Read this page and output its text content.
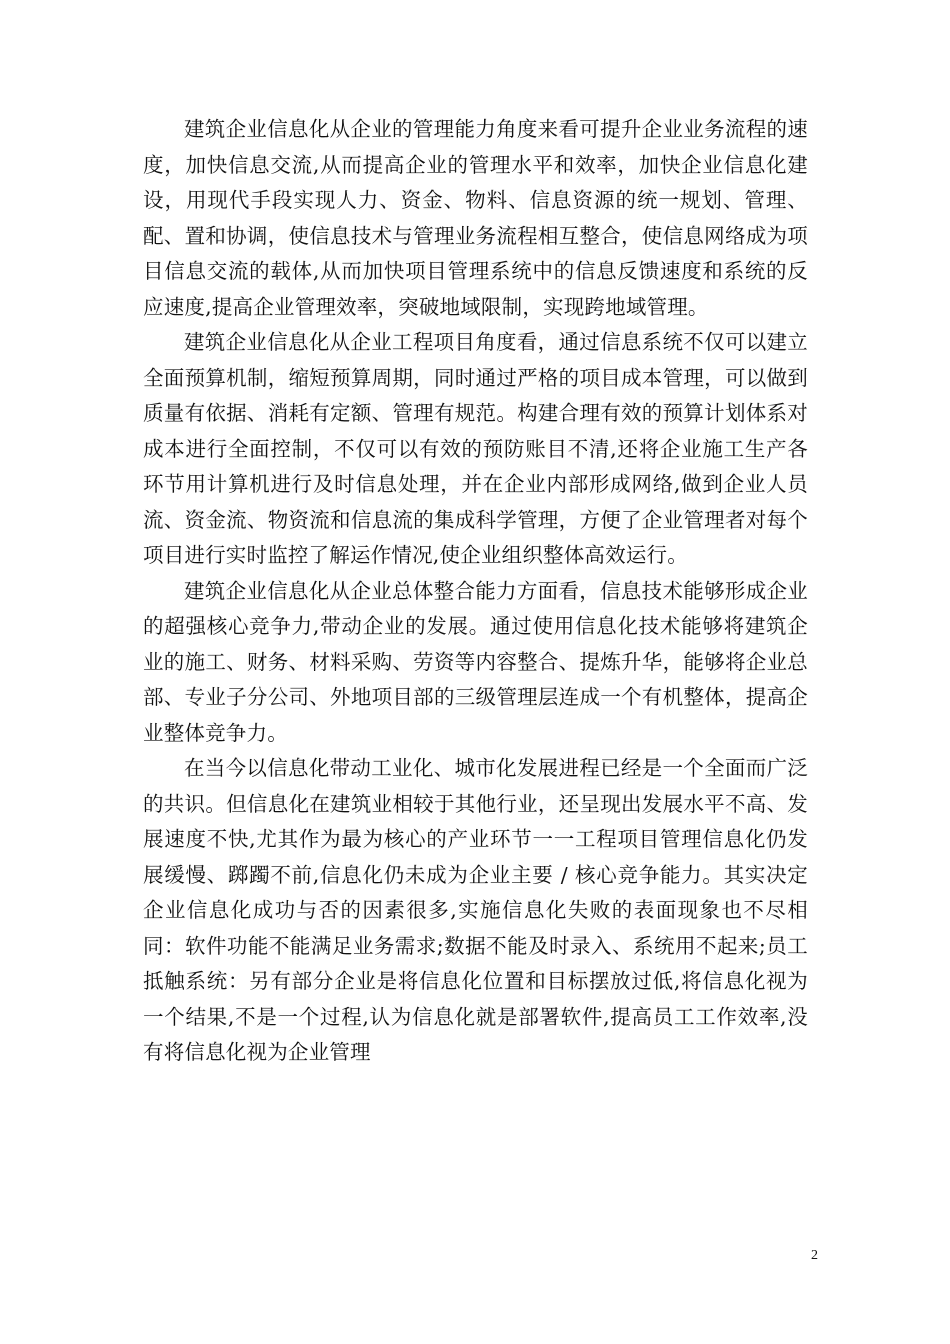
建筑企业信息化从企业的管理能力角度来看可提升企业业务流程的速度，加快信息交流,从而提高企业的管理水平和效率，加快企业信息化建设，用现代手段实现人力、资金、物料、信息资源的统一规划、管理、配、置和协调，使信息技术与管理业务流程相互整合，使信息网络成为项目信息交流的载体,从而加快项目管理系统中的信息反馈速度和系统的反应速度,提高企业管理效率，突破地域限制，实现跨地域管理。

建筑企业信息化从企业工程项目角度看，通过信息系统不仅可以建立全面预算机制，缩短预算周期，同时通过严格的项目成本管理，可以做到质量有依据、消耗有定额、管理有规范。构建合理有效的预算计划体系对成本进行全面控制，不仅可以有效的预防账目不清,还将企业施工生产各环节用计算机进行及时信息处理，并在企业内部形成网络,做到企业人员流、资金流、物资流和信息流的集成科学管理，方便了企业管理者对每个项目进行实时监控了解运作情况,使企业组织整体高效运行。

建筑企业信息化从企业总体整合能力方面看，信息技术能够形成企业的超强核心竞争力,带动企业的发展。通过使用信息化技术能够将建筑企业的施工、财务、材料采购、劳资等内容整合、提炼升华，能够将企业总部、专业子分公司、外地项目部的三级管理层连成一个有机整体，提高企业整体竞争力。

在当今以信息化带动工业化、城市化发展进程已经是一个全面而广泛的共识。但信息化在建筑业相较于其他行业，还呈现出发展水平不高、发展速度不快,尤其作为最为核心的产业环节一一工程项目管理信息化仍发展缓慢、踯躅不前,信息化仍未成为企业主要 / 核心竞争能力。其实决定企业信息化成功与否的因素很多,实施信息化失败的表面现象也不尽相同：软件功能不能满足业务需求;数据不能及时录入、系统用不起来;员工抵触系统：另有部分企业是将信息化位置和目标摆放过低,将信息化视为一个结果,不是一个过程,认为信息化就是部署软件,提高员工工作效率,没有将信息化视为企业管理

2
